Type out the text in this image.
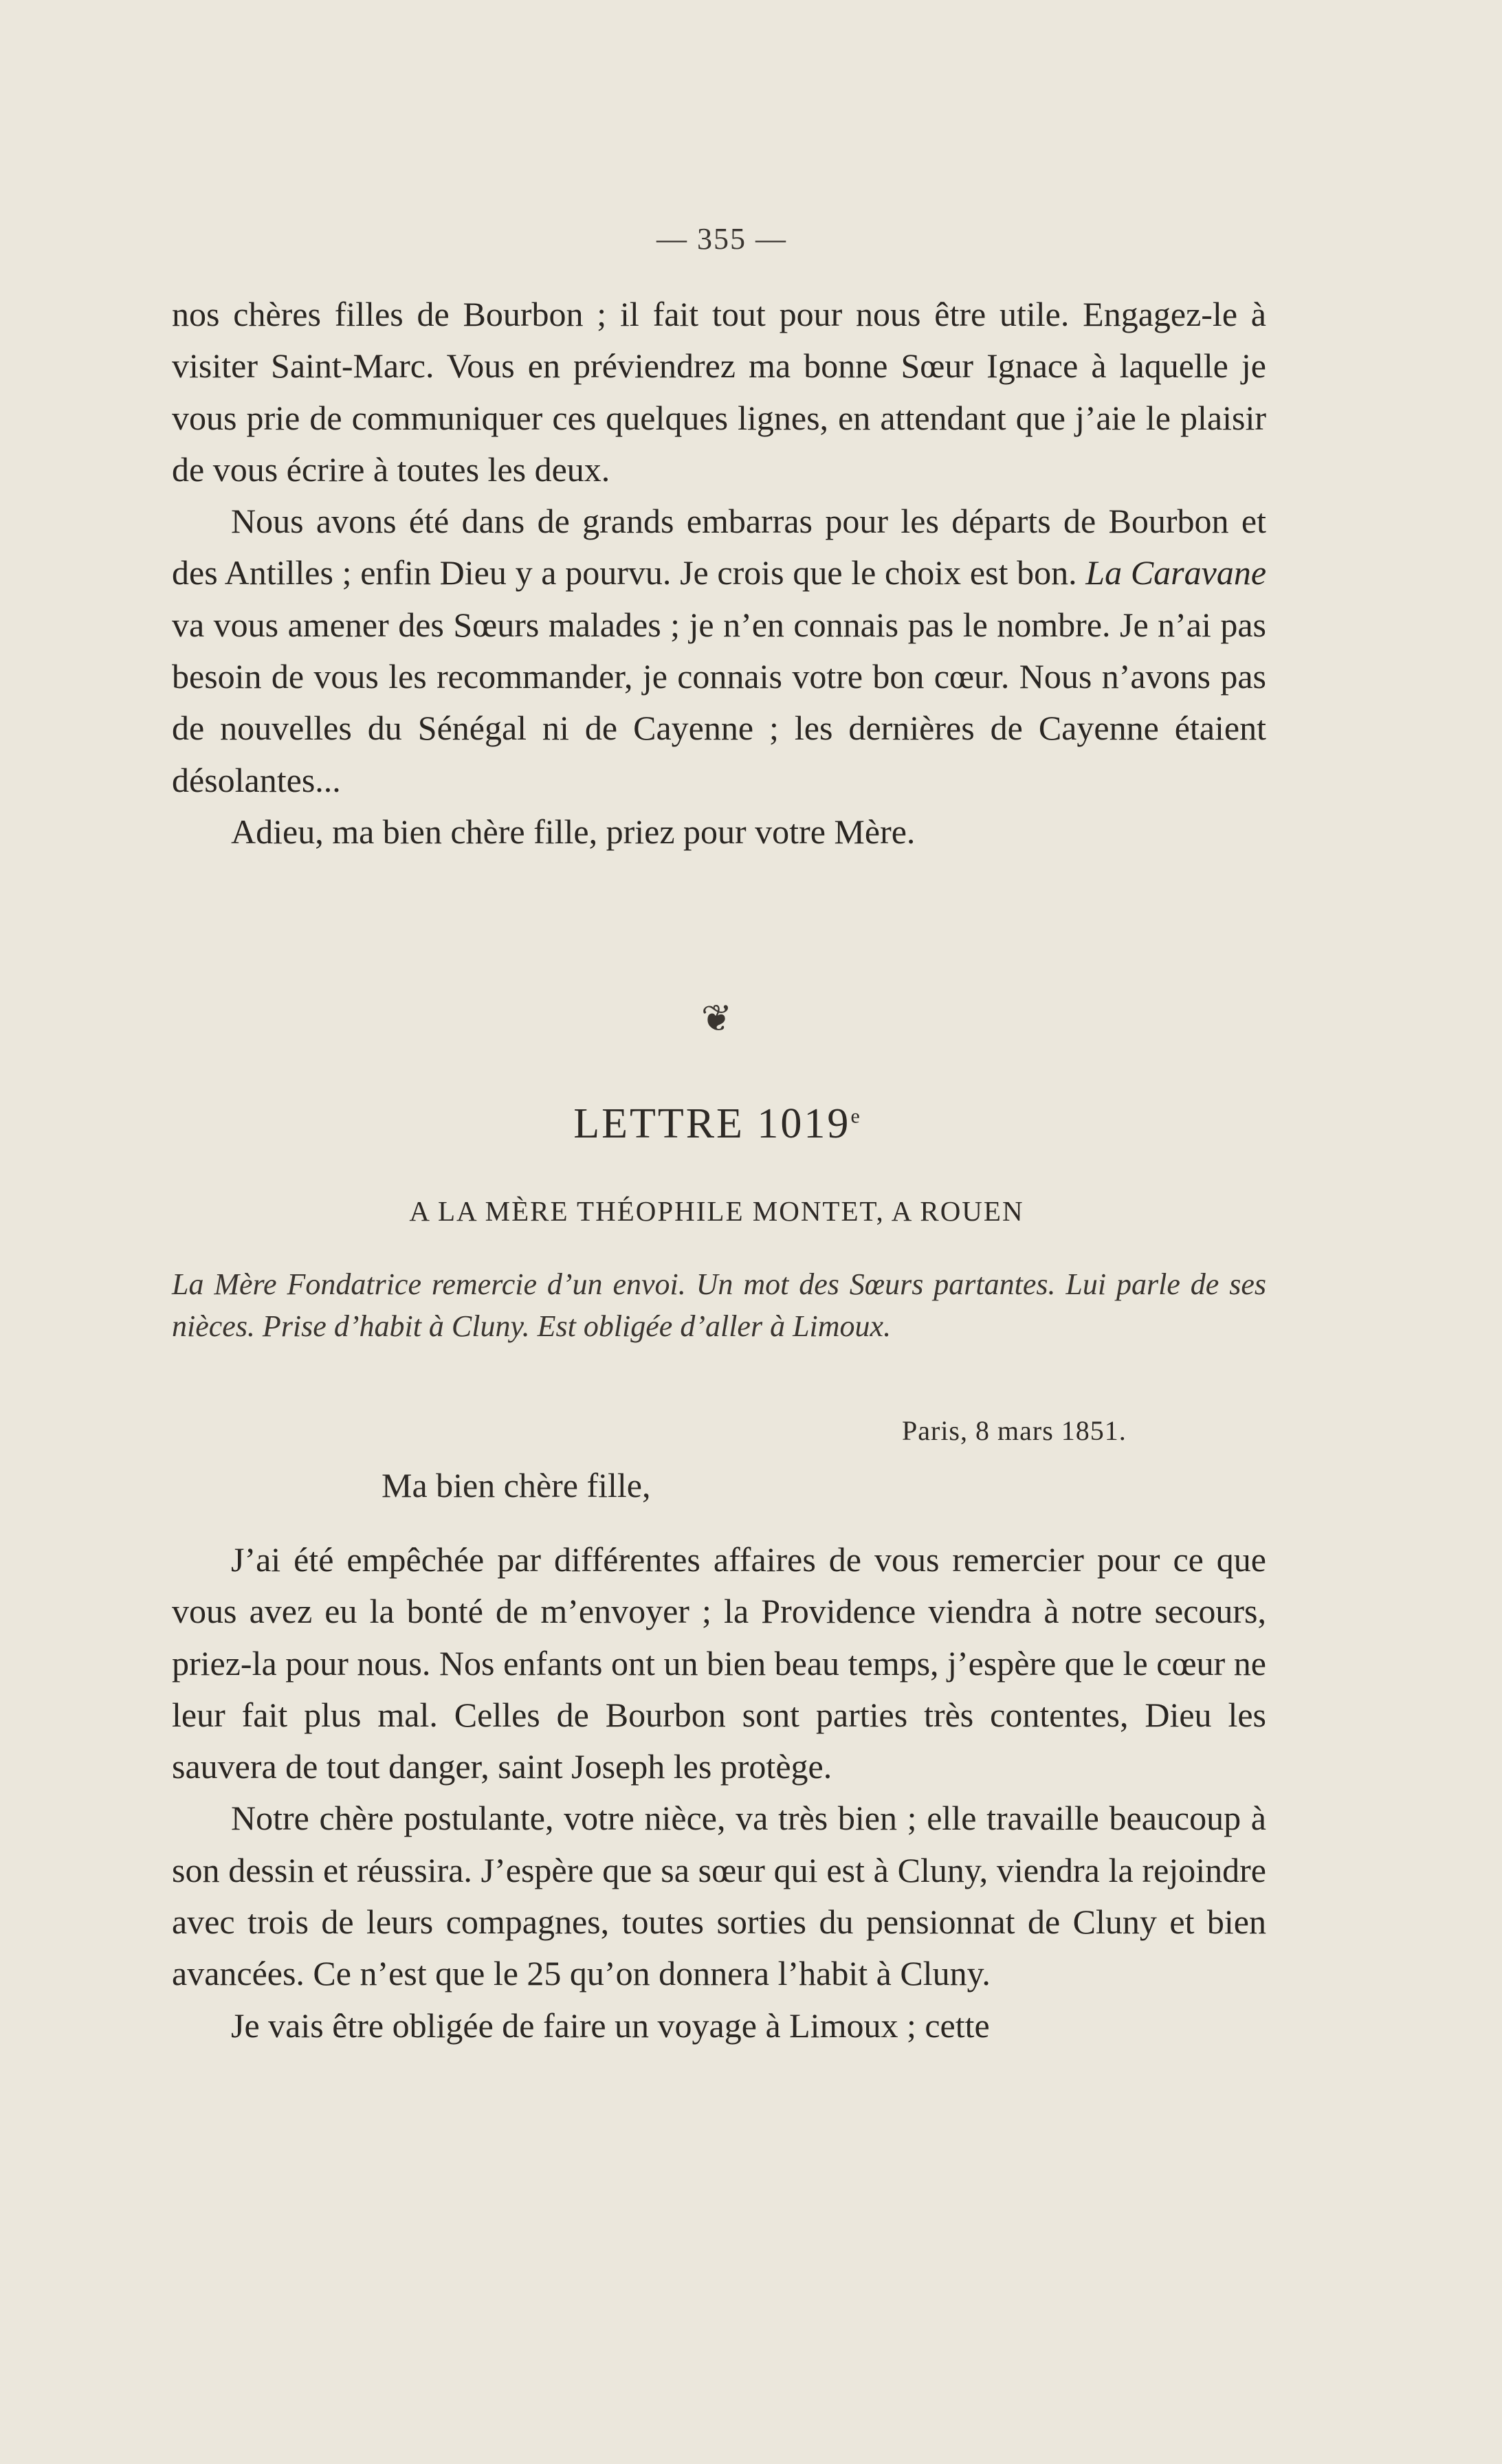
— 355 —

nos chères filles de Bourbon ; il fait tout pour nous être utile. Engagez-le à visiter Saint-Marc. Vous en préviendrez ma bonne Sœur Ignace à laquelle je vous prie de communiquer ces quelques lignes, en attendant que j’aie le plaisir de vous écrire à toutes les deux.

Nous avons été dans de grands embarras pour les départs de Bourbon et des Antilles ; enfin Dieu y a pourvu. Je crois que le choix est bon. La Caravane va vous amener des Sœurs malades ; je n’en connais pas le nombre. Je n’ai pas besoin de vous les recommander, je connais votre bon cœur. Nous n’avons pas de nouvelles du Sénégal ni de Cayenne ; les dernières de Cayenne étaient désolantes...

Adieu, ma bien chère fille, priez pour votre Mère.

❦
LETTRE 1019e
A LA MÈRE THÉOPHILE MONTET, A ROUEN

La Mère Fondatrice remercie d’un envoi. Un mot des Sœurs partantes. Lui parle de ses nièces. Prise d’habit à Cluny. Est obligée d’aller à Limoux.

Paris, 8 mars 1851.
Ma bien chère fille,

J’ai été empêchée par différentes affaires de vous remercier pour ce que vous avez eu la bonté de m’envoyer ; la Providence viendra à notre secours, priez-la pour nous. Nos enfants ont un bien beau temps, j’espère que le cœur ne leur fait plus mal. Celles de Bourbon sont parties très contentes, Dieu les sauvera de tout danger, saint Joseph les protège.

Notre chère postulante, votre nièce, va très bien ; elle travaille beaucoup à son dessin et réussira. J’espère que sa sœur qui est à Cluny, viendra la rejoindre avec trois de leurs compagnes, toutes sorties du pensionnat de Cluny et bien avancées. Ce n’est que le 25 qu’on donnera l’habit à Cluny.

Je vais être obligée de faire un voyage à Limoux ; cette
